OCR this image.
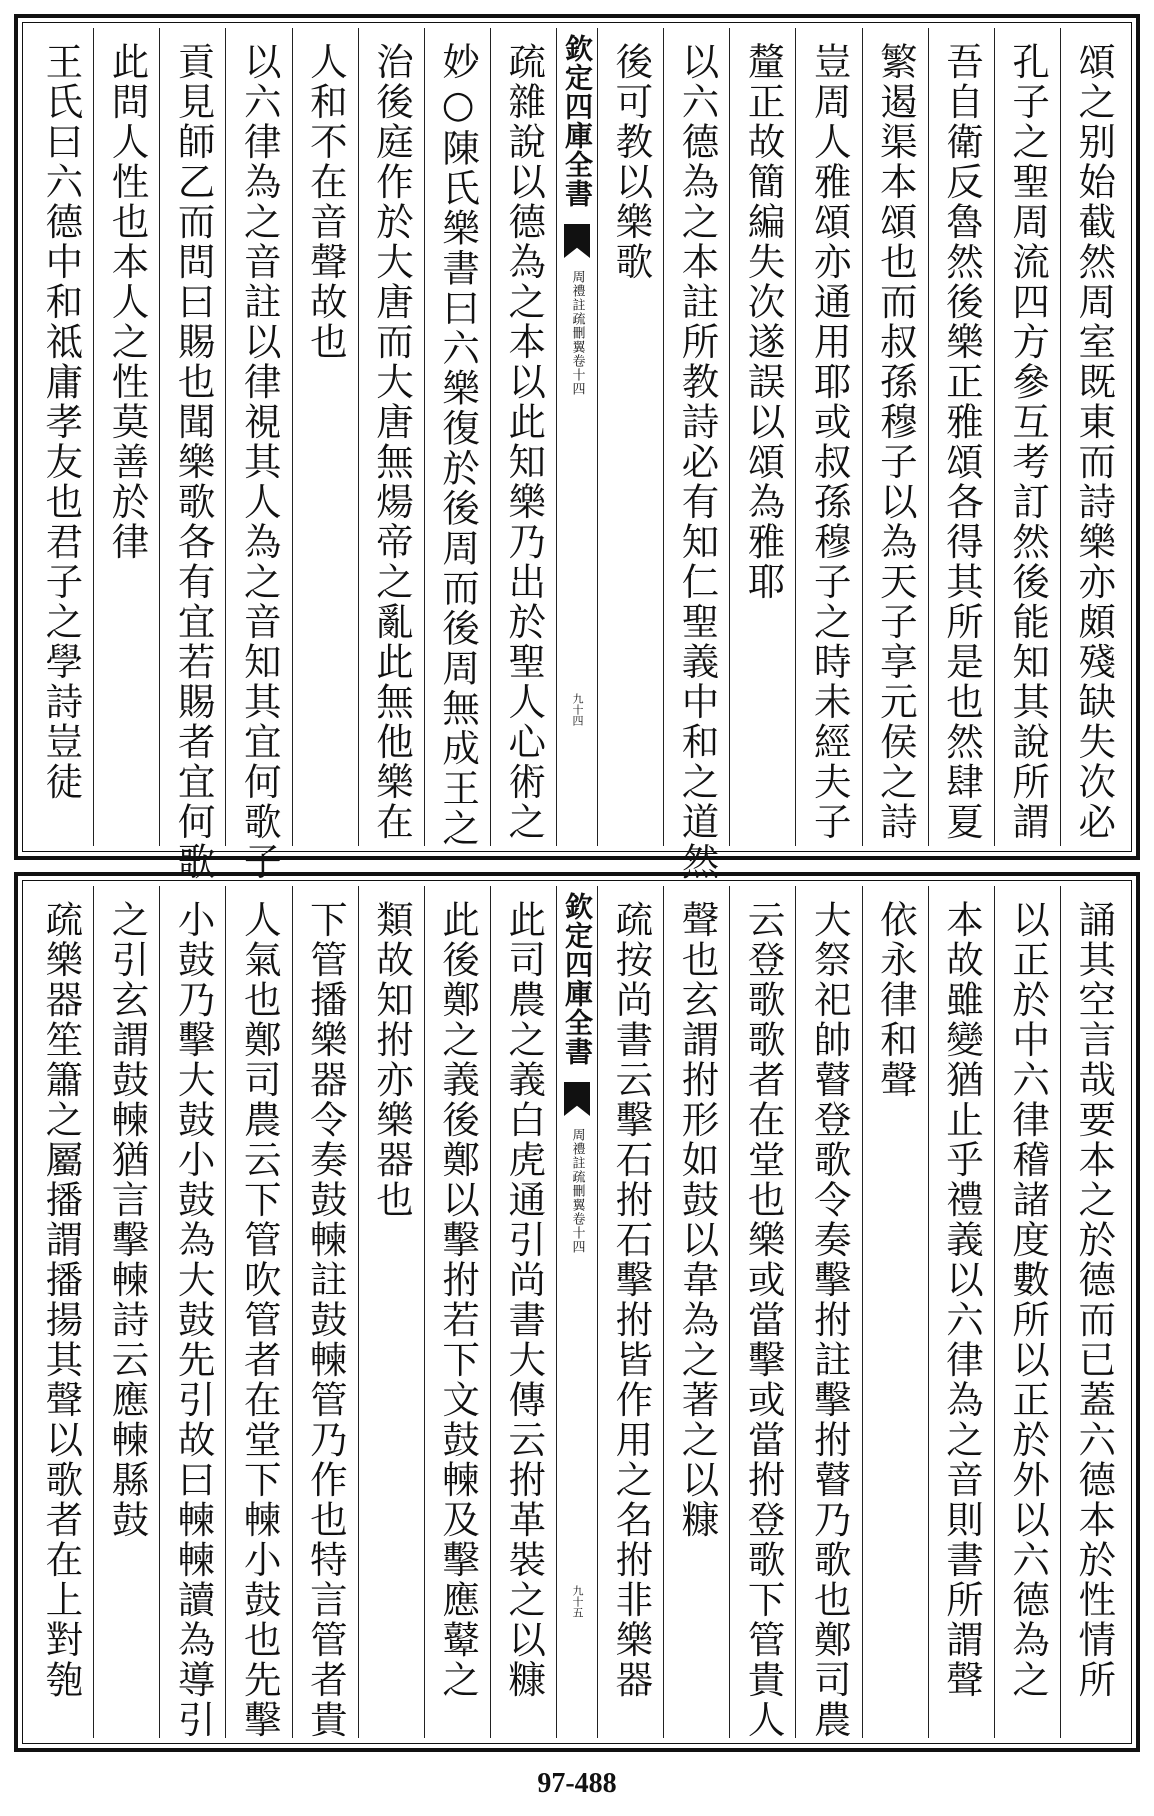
頌之别始截然周室既東而詩樂亦頗殘缺失次必
孔子之聖周流四方參互考訂然後能知其說所謂
吾自衛反魯然後樂正雅頌各得其所是也然肆夏
繁遏渠本頌也而叔孫穆子以為天子享元侯之詩
豈周人雅頌亦通用耶或叔孫穆子之時未經夫子
釐正故簡編失次遂誤以頌為雅耶
以六德為之本註所教詩必有知仁聖義中和之道然
後可教以樂歌
欽定四庫全書
周禮註疏刪翼
卷十四
九十四
疏雜說以德為之本以此知樂乃出於聖人心術之
妙○陳氏樂書曰六樂復於後周而後周無成王之
治後庭作於大唐而大唐無煬帝之亂此無他樂在
人和不在音聲故也
以六律為之音註以律視其人為之音知其宜何歌子
貢見師乙而問曰賜也聞樂歌各有宜若賜者宜何歌
此問人性也本人之性莫善於律
王氏曰六德中和祗庸孝友也君子之學詩豈徒
誦其空言哉要本之於德而已蓋六德本於性情所
以正於中六律稽諸度數所以正於外以六德為之
本故雖變猶止乎禮義以六律為之音則書所謂聲
依永律和聲
大祭祀帥瞽登歌令奏擊拊註擊拊瞽乃歌也鄭司農
云登歌歌者在堂也樂或當擊或當拊登歌下管貴人
聲也玄謂拊形如鼓以韋為之著之以糠
疏按尚書云擊石拊石擊拊皆作用之名拊非樂器
欽定四庫全書
周禮註疏刪翼
卷十四
九十五
此司農之義白虎通引尚書大傳云拊革裝之以糠
此後鄭之義後鄭以擊拊若下文鼓朄及擊應鼙之
類故知拊亦樂器也
下管播樂器令奏鼓朄註鼓朄管乃作也特言管者貴
人氣也鄭司農云下管吹管者在堂下朄小鼓也先擊
小鼓乃擊大鼓小鼓為大鼓先引故曰朄朄讀為導引
之引玄謂鼓朄猶言擊朄詩云應朄縣鼓
疏樂器笙簫之屬播謂播揚其聲以歌者在上對匏
97-488
